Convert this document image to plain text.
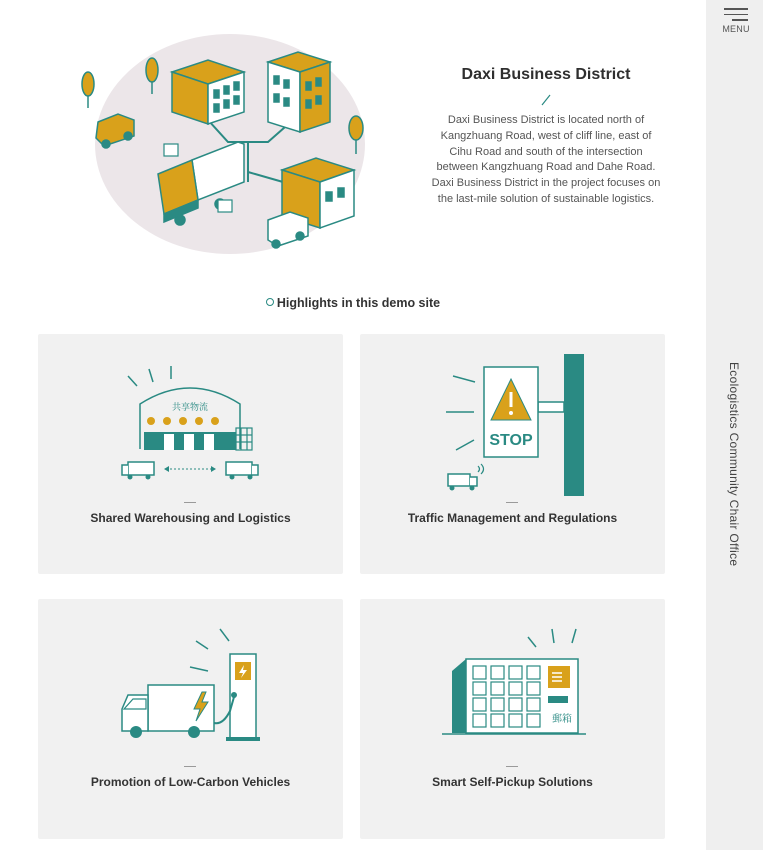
MENU
Ecologistics Community Chair Office
Daxi Business District
Daxi Business District is located north of Kangzhuang Road, west of cliff line, east of Cihu Road and south of the intersection between Kangzhuang Road and Dahe Road. Daxi Business District in the project focuses on the last-mile solution of sustainable logistics.
Highlights in this demo site
共享物流
Shared Warehousing and Logistics
STOP
Traffic Management and Regulations
Promotion of Low-Carbon Vehicles
郵箱
Smart Self-Pickup Solutions
